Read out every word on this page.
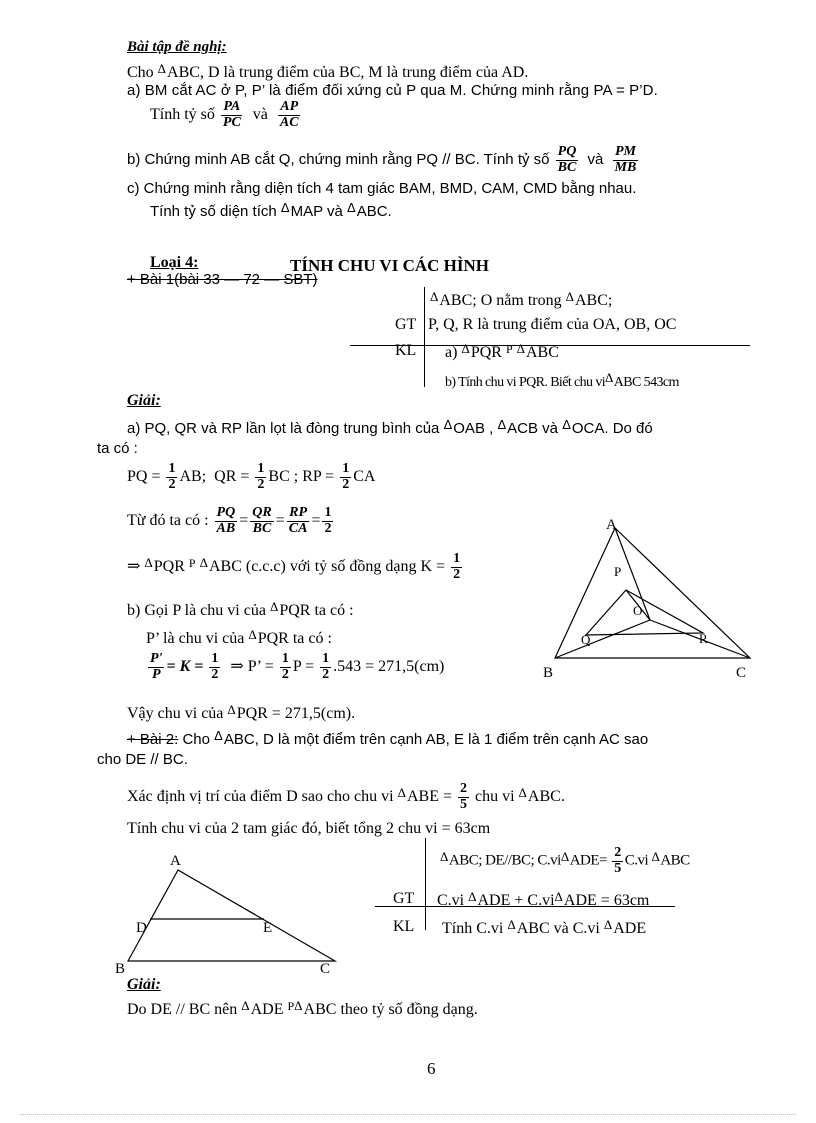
Bài tập đề nghị:
Cho $^\Delta$ABC, D là trung điểm của BC, M là trung điểm của AD.
a) BM cắt AC ở P, P’ là điểm đối xứng củ P qua M. Chứng minh rằng PA = P’D.
Tính tỷ số $\frac{PA}{PC}$ và $\frac{AP}{AC}$
b) Chứng minh AB cắt Q, chứng minh rằng PQ // BC. Tính tỷ số $\frac{PQ}{BC}$ và $\frac{PM}{MB}$
c) Chứng minh rằng diện tích 4 tam giác BAM, BMD, CAM, CMD bằng nhau.
Tính tỷ số diện tích ΔMAP và ΔABC.
Loại 4:	TÍNH CHU VI CÁC HÌNH
+ Bài 1(bài 33 — 72 — SBT)
$^\Delta$ABC; O nằm trong $^\Delta$ABC;
GT P, Q, R là trung điểm của OA, OB, OC
KL a) $^\Delta$PQR $^P$ $^\Delta$ABC
b) Tính chu vi PQR. Biết chu viΔABC 543cm
Giải:
a) PQ, QR và RP lần lọt là đòng trung bình của ΔOAB , ΔACB và ΔOCA. Do đó
ta có :
PQ = $\frac{1}{2}$ AB; QR = $\frac{1}{2}$ BC ; RP = $\frac{1}{2}$ CA
Từ đó ta có : $\frac{PQ}{AB} = \frac{QR}{BC} = \frac{RP}{CA} = \frac{1}{2}$
⇒ $^\Delta$PQR $^P$ $^\Delta$ABC (c.c.c) với tỷ số đồng dạng $K = \frac{1}{2}$
b) Gọi P là chu vi của $^\Delta$PQR ta có :
P’ là chu vi của $^\Delta$PQR ta có :
$\frac{P'}{P} = K = \frac{1}{2}$ ⇒ P’ = $\frac{1}{2}$ $P = \frac{1}{2} .543 = 271,5(cm)$
Vậy chu vi của $^\Delta$PQR = 271,5(cm).
A
B	C
P
Q	R
O
+ Bài 2: Cho ΔABC, D là một điểm trên cạnh AB, E là 1 điểm trên cạnh AC sao
cho DE // BC.
Xác định vị trí của điểm D sao cho chu vi $^\Delta ABE = \frac{2}{5}$ chu vi $^\Delta$ABC.
Tính chu vi của 2 tam giác đó, biết tổng 2 chu vi = 63cm
ΔABC; DE//BC; $C.vi\Delta ADE= \frac{2}{5} C.vi$ ΔABC
GT C.vi $^\Delta ADE + C.vi^\Delta ADE = 63cm$
KL Tính C.vi $^\Delta$ABC và C.vi $^\Delta$ADE
A
D	E
B	C
Giải:
Do DE // BC nên $^\Delta$ADE $^{P\Delta}$ABC theo tỷ số đồng dạng.
6
